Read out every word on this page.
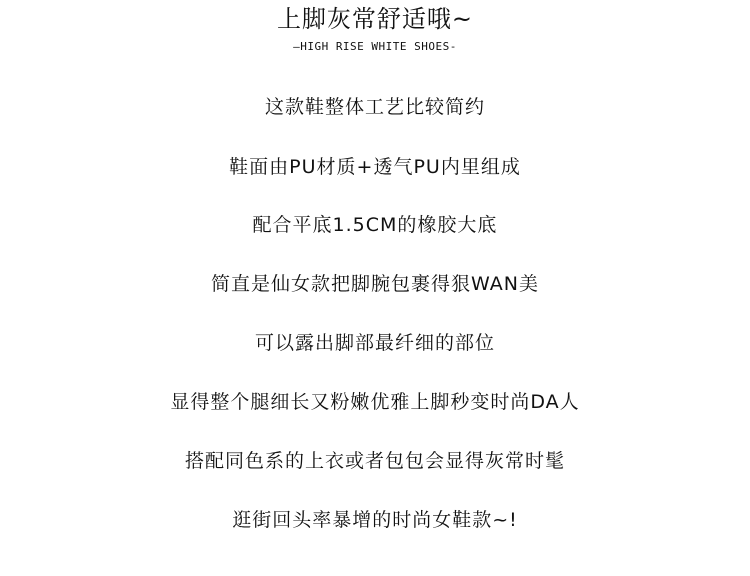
上脚灰常舒适哦~
—HIGH RISE WHITE SHOES-
这款鞋整体工艺比较简约
鞋面由PU材质+透气PU内里组成
配合平底1.5CM的橡胶大底
简直是仙女款把脚腕包裹得狠WAN美
可以露出脚部最纤细的部位
显得整个腿细长又粉嫩优雅上脚秒变时尚DA人
搭配同色系的上衣或者包包会显得灰常时髦
逛街回头率暴增的时尚女鞋款~!
